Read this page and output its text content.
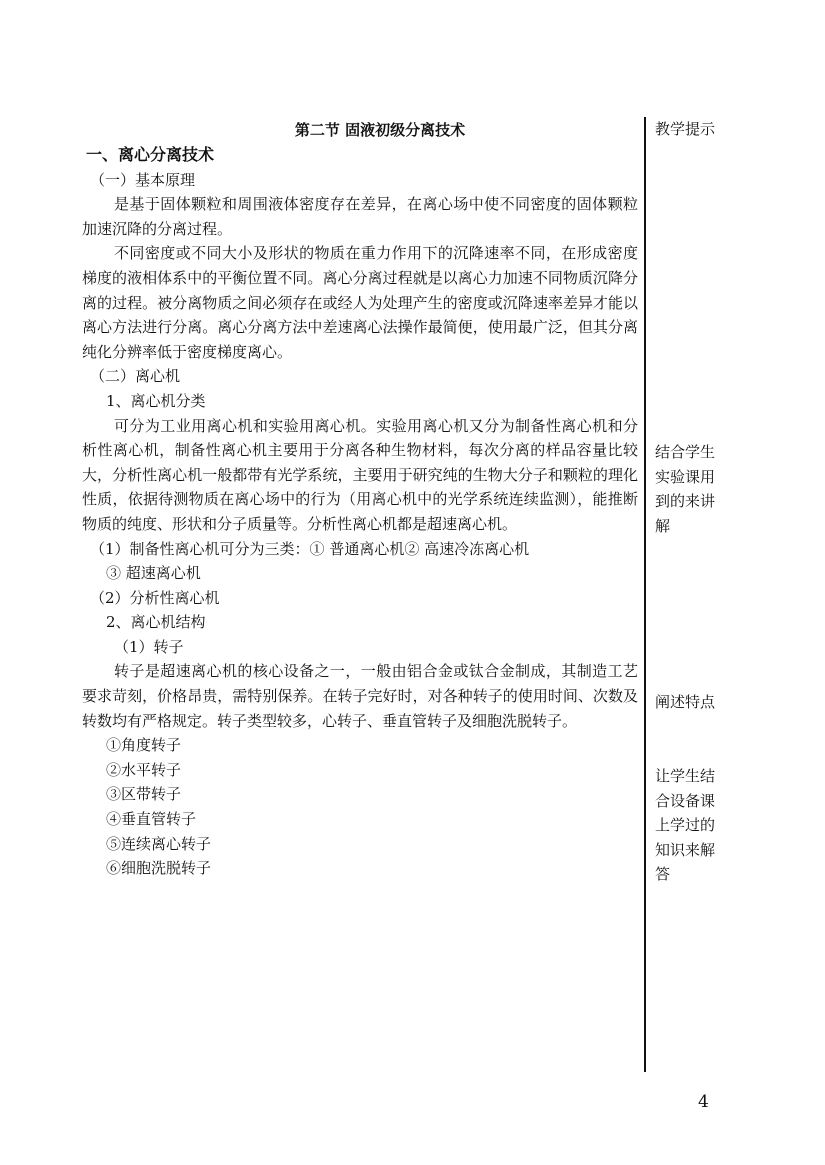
第二节 固液初级分离技术

一、离心分离技术

（一）基本原理

是基于固体颗粒和周围液体密度存在差异，在离心场中使不同密度的固体颗粒加速沉降的分离过程。

不同密度或不同大小及形状的物质在重力作用下的沉降速率不同，在形成密度梯度的液相体系中的平衡位置不同。离心分离过程就是以离心力加速不同物质沉降分离的过程。被分离物质之间必须存在或经人为处理产生的密度或沉降速率差异才能以离心方法进行分离。离心分离方法中差速离心法操作最简便，使用最广泛，但其分离纯化分辨率低于密度梯度离心。

（二）离心机

1、离心机分类

可分为工业用离心机和实验用离心机。实验用离心机又分为制备性离心机和分析性离心机，制备性离心机主要用于分离各种生物材料，每次分离的样品容量比较大，分析性离心机一般都带有光学系统，主要用于研究纯的生物大分子和颗粒的理化性质，依据待测物质在离心场中的行为（用离心机中的光学系统连续监测），能推断物质的纯度、形状和分子质量等。分析性离心机都是超速离心机。

（1）制备性离心机可分为三类：① 普通离心机② 高速冷冻离心机

③ 超速离心机

（2）分析性离心机

2、离心机结构

（1）转子

转子是超速离心机的核心设备之一，一般由铝合金或钛合金制成，其制造工艺要求苛刻，价格昂贵，需特别保养。在转子完好时，对各种转子的使用时间、次数及转数均有严格规定。转子类型较多，心转子、垂直管转子及细胞洗脱转子。

①角度转子

②水平转子

③区带转子

④垂直管转子

⑤连续离心转子

⑥细胞洗脱转子

教学提示

结合学生

实验课用

到的来讲

解

阐述特点

让学生结

合设备课

上学过的

知识来解

答

4
